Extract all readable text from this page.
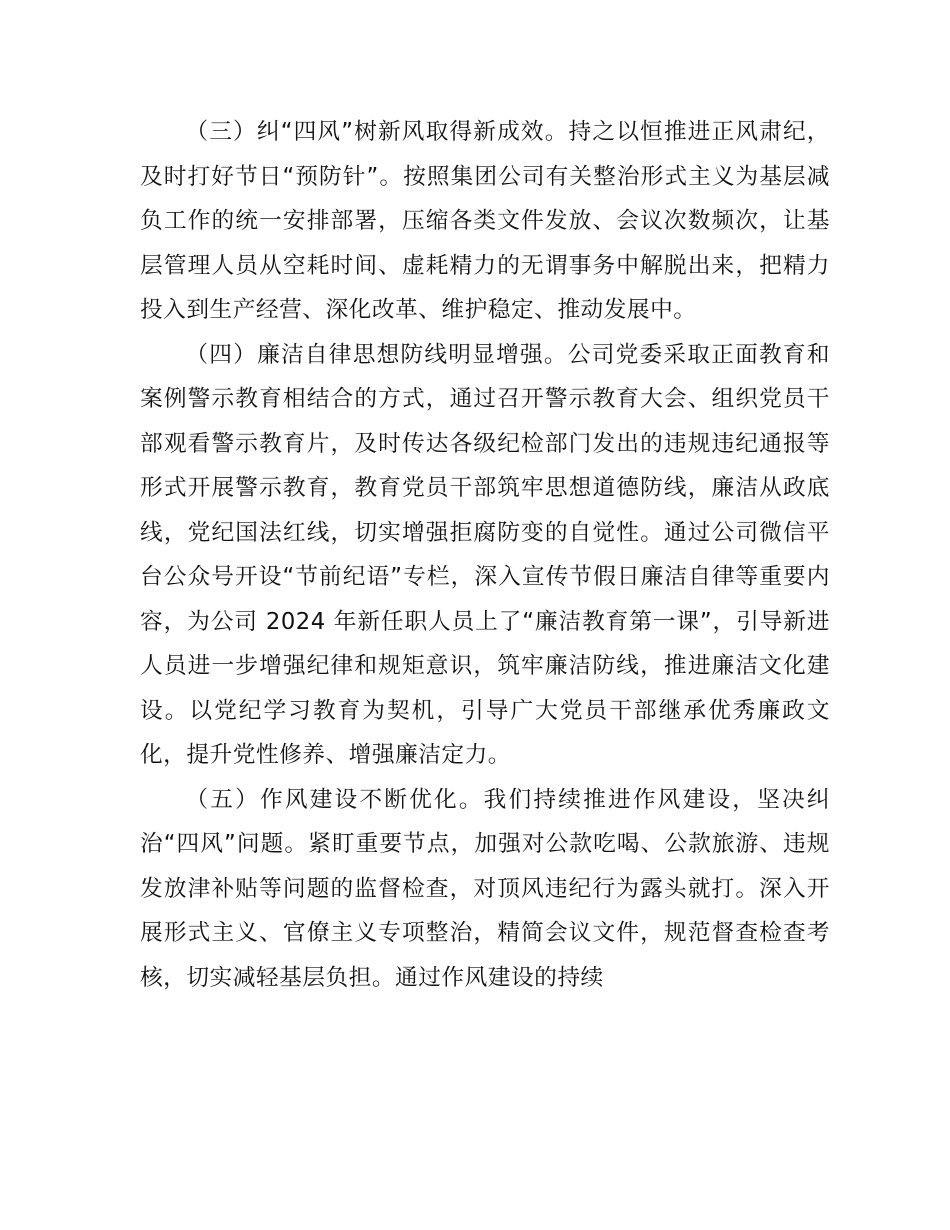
（三）纠“四风”树新风取得新成效。持之以恒推进正风肃纪，及时打好节日“预防针”。按照集团公司有关整治形式主义为基层减负工作的统一安排部署，压缩各类文件发放、会议次数频次，让基层管理人员从空耗时间、虚耗精力的无谓事务中解脱出来，把精力投入到生产经营、深化改革、维护稳定、推动发展中。

（四）廉洁自律思想防线明显增强。公司党委采取正面教育和案例警示教育相结合的方式，通过召开警示教育大会、组织党员干部观看警示教育片，及时传达各级纪检部门发出的违规违纪通报等形式开展警示教育，教育党员干部筑牢思想道德防线，廉洁从政底线，党纪国法红线，切实增强拒腐防变的自觉性。通过公司微信平台公众号开设“节前纪语”专栏，深入宣传节假日廉洁自律等重要内容，为公司 2024 年新任职人员上了“廉洁教育第一课”，引导新进人员进一步增强纪律和规矩意识，筑牢廉洁防线，推进廉洁文化建设。以党纪学习教育为契机，引导广大党员干部继承优秀廉政文化，提升党性修养、增强廉洁定力。

（五）作风建设不断优化。我们持续推进作风建设，坚决纠治“四风”问题。紧盯重要节点，加强对公款吃喝、公款旅游、违规发放津补贴等问题的监督检查，对顶风违纪行为露头就打。深入开展形式主义、官僚主义专项整治，精简会议文件，规范督查检查考核，切实减轻基层负担。通过作风建设的持续
